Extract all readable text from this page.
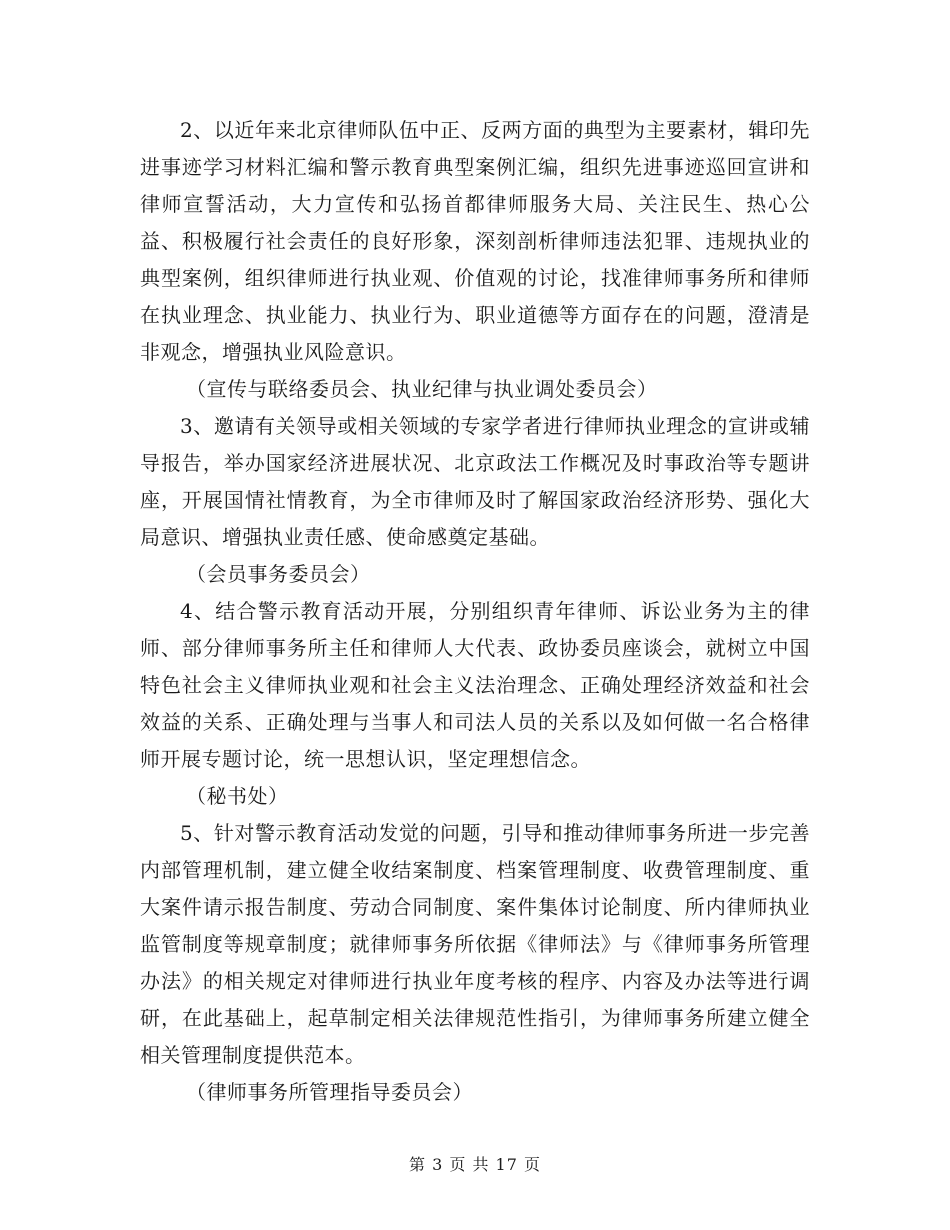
2、以近年来北京律师队伍中正、反两方面的典型为主要素材，辑印先进事迹学习材料汇编和警示教育典型案例汇编，组织先进事迹巡回宣讲和律师宣誓活动，大力宣传和弘扬首都律师服务大局、关注民生、热心公益、积极履行社会责任的良好形象，深刻剖析律师违法犯罪、违规执业的典型案例，组织律师进行执业观、价值观的讨论，找准律师事务所和律师在执业理念、执业能力、执业行为、职业道德等方面存在的问题，澄清是非观念，增强执业风险意识。

（宣传与联络委员会、执业纪律与执业调处委员会）

3、邀请有关领导或相关领域的专家学者进行律师执业理念的宣讲或辅导报告，举办国家经济进展状况、北京政法工作概况及时事政治等专题讲座，开展国情社情教育，为全市律师及时了解国家政治经济形势、强化大局意识、增强执业责任感、使命感奠定基础。

（会员事务委员会）

4、结合警示教育活动开展，分别组织青年律师、诉讼业务为主的律师、部分律师事务所主任和律师人大代表、政协委员座谈会，就树立中国特色社会主义律师执业观和社会主义法治理念、正确处理经济效益和社会效益的关系、正确处理与当事人和司法人员的关系以及如何做一名合格律师开展专题讨论，统一思想认识，坚定理想信念。

（秘书处）

5、针对警示教育活动发觉的问题，引导和推动律师事务所进一步完善内部管理机制，建立健全收结案制度、档案管理制度、收费管理制度、重大案件请示报告制度、劳动合同制度、案件集体讨论制度、所内律师执业监管制度等规章制度；就律师事务所依据《律师法》与《律师事务所管理办法》的相关规定对律师进行执业年度考核的程序、内容及办法等进行调研，在此基础上，起草制定相关法律规范性指引，为律师事务所建立健全相关管理制度提供范本。

（律师事务所管理指导委员会）

第 3 页 共 17 页
